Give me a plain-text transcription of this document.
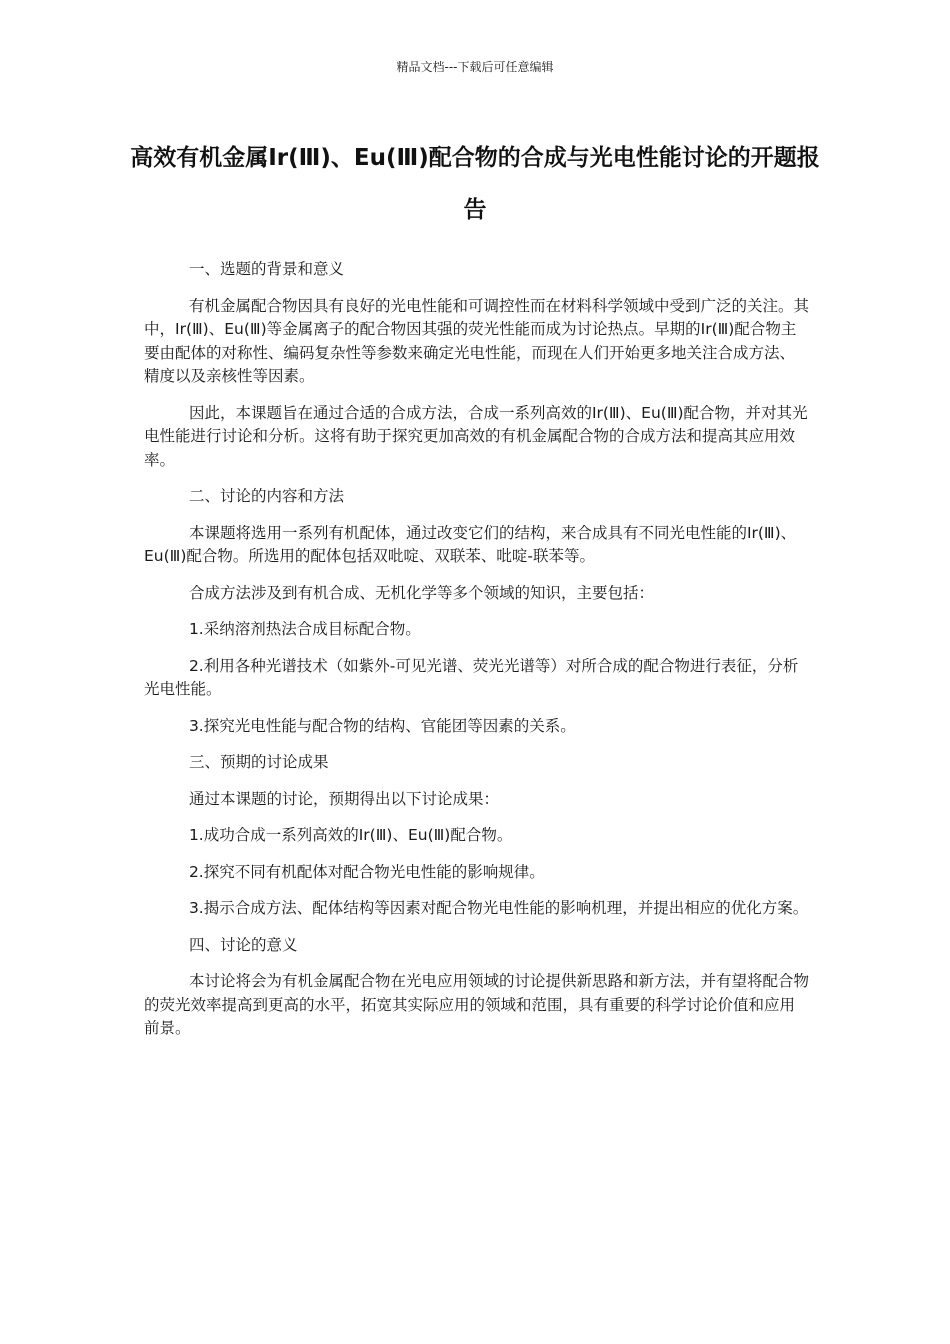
精品文档---下载后可任意编辑
高效有机金属Ir(Ⅲ)、Eu(Ⅲ)配合物的合成与光电性能讨论的开题报告

一、选题的背景和意义

有机金属配合物因具有良好的光电性能和可调控性而在材料科学领域中受到广泛的关注。其中，Ir(Ⅲ)、Eu(Ⅲ)等金属离子的配合物因其强的荧光性能而成为讨论热点。早期的Ir(Ⅲ)配合物主要由配体的对称性、编码复杂性等参数来确定光电性能，而现在人们开始更多地关注合成方法、精度以及亲核性等因素。

因此，本课题旨在通过合适的合成方法，合成一系列高效的Ir(Ⅲ)、Eu(Ⅲ)配合物，并对其光电性能进行讨论和分析。这将有助于探究更加高效的有机金属配合物的合成方法和提高其应用效率。

二、讨论的内容和方法

本课题将选用一系列有机配体，通过改变它们的结构，来合成具有不同光电性能的Ir(Ⅲ)、Eu(Ⅲ)配合物。所选用的配体包括双吡啶、双联苯、吡啶-联苯等。

合成方法涉及到有机合成、无机化学等多个领域的知识，主要包括：

1.采纳溶剂热法合成目标配合物。

2.利用各种光谱技术（如紫外-可见光谱、荧光光谱等）对所合成的配合物进行表征，分析光电性能。

3.探究光电性能与配合物的结构、官能团等因素的关系。

三、预期的讨论成果

通过本课题的讨论，预期得出以下讨论成果：

1.成功合成一系列高效的Ir(Ⅲ)、Eu(Ⅲ)配合物。

2.探究不同有机配体对配合物光电性能的影响规律。

3.揭示合成方法、配体结构等因素对配合物光电性能的影响机理，并提出相应的优化方案。

四、讨论的意义

本讨论将会为有机金属配合物在光电应用领域的讨论提供新思路和新方法，并有望将配合物的荧光效率提高到更高的水平，拓宽其实际应用的领域和范围，具有重要的科学讨论价值和应用前景。
